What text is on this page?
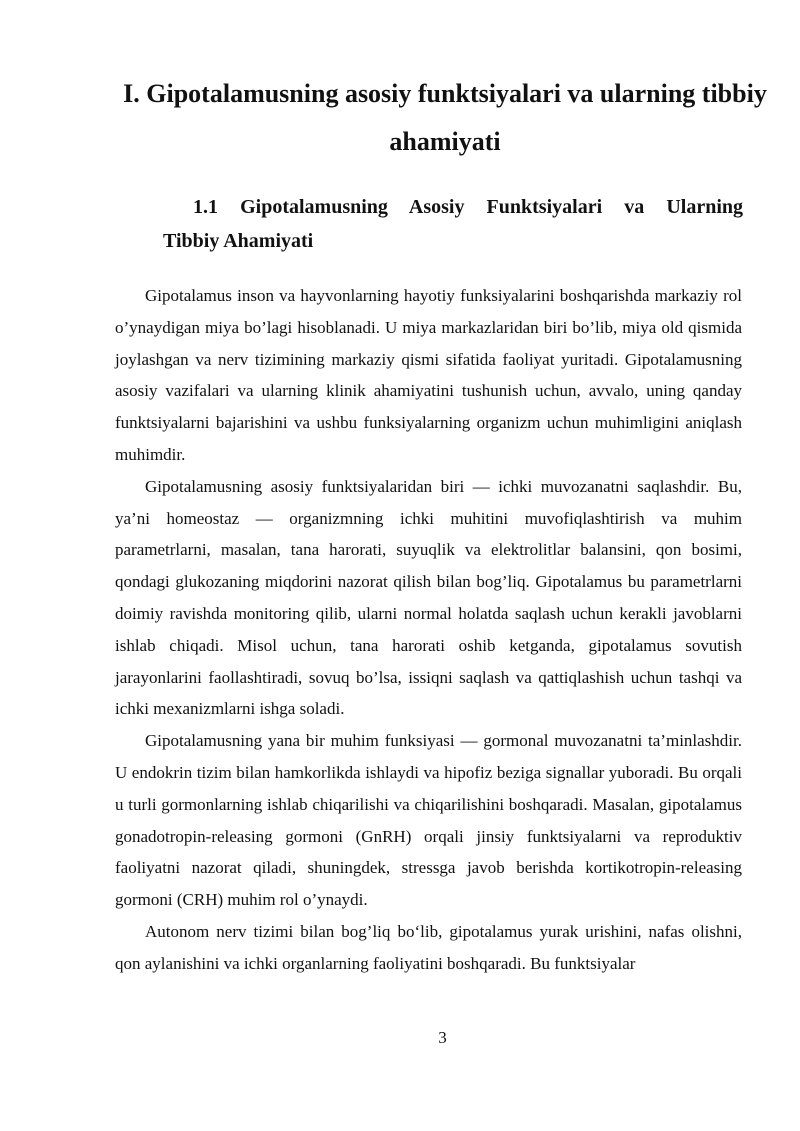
I. Gipotalamusning asosiy funktsiyalari va ularning tibbiy ahamiyati
1.1 Gipotalamusning Asosiy Funktsiyalari va Ularning
Tibbiy Ahamiyati

Gipotalamus inson va hayvonlarning hayotiy funksiyalarini boshqarishda markaziy rol o’ynaydigan miya bo’lagi hisoblanadi. U miya markazlaridan biri bo’lib, miya old qismida joylashgan va nerv tizimining markaziy qismi sifatida faoliyat yuritadi. Gipotalamusning asosiy vazifalari va ularning klinik ahamiyatini tushunish uchun, avvalo, uning qanday funktsiyalarni bajarishini va ushbu funksiyalarning organizm uchun muhimligini aniqlash muhimdir.

Gipotalamusning asosiy funktsiyalaridan biri — ichki muvozanatni saqlashdir. Bu, ya’ni homeostaz — organizmning ichki muhitini muvofiqlashtirish va muhim parametrlarni, masalan, tana harorati, suyuqlik va elektrolitlar balansini, qon bosimi, qondagi glukozaning miqdorini nazorat qilish bilan bog’liq. Gipotalamus bu parametrlarni doimiy ravishda monitoring qilib, ularni normal holatda saqlash uchun kerakli javoblarni ishlab chiqadi. Misol uchun, tana harorati oshib ketganda, gipotalamus sovutish jarayonlarini faollashtiradi, sovuq bo’lsa, issiqni saqlash va qattiqlashish uchun tashqi va ichki mexanizmlarni ishga soladi.

Gipotalamusning yana bir muhim funksiyasi — gormonal muvozanatni ta’minlashdir. U endokrin tizim bilan hamkorlikda ishlaydi va hipofiz beziga signallar yuboradi. Bu orqali u turli gormonlarning ishlab chiqarilishi va chiqarilishini boshqaradi. Masalan, gipotalamus gonadotropin-releasing gormoni (GnRH) orqali jinsiy funktsiyalarni va reproduktiv faoliyatni nazorat qiladi, shuningdek, stressga javob berishda kortikotropin-releasing gormoni (CRH) muhim rol o’ynaydi.

Autonom nerv tizimi bilan bog’liq bo‘lib, gipotalamus yurak urishini, nafas olishni, qon aylanishini va ichki organlarning faoliyatini boshqaradi. Bu funktsiyalar

3
